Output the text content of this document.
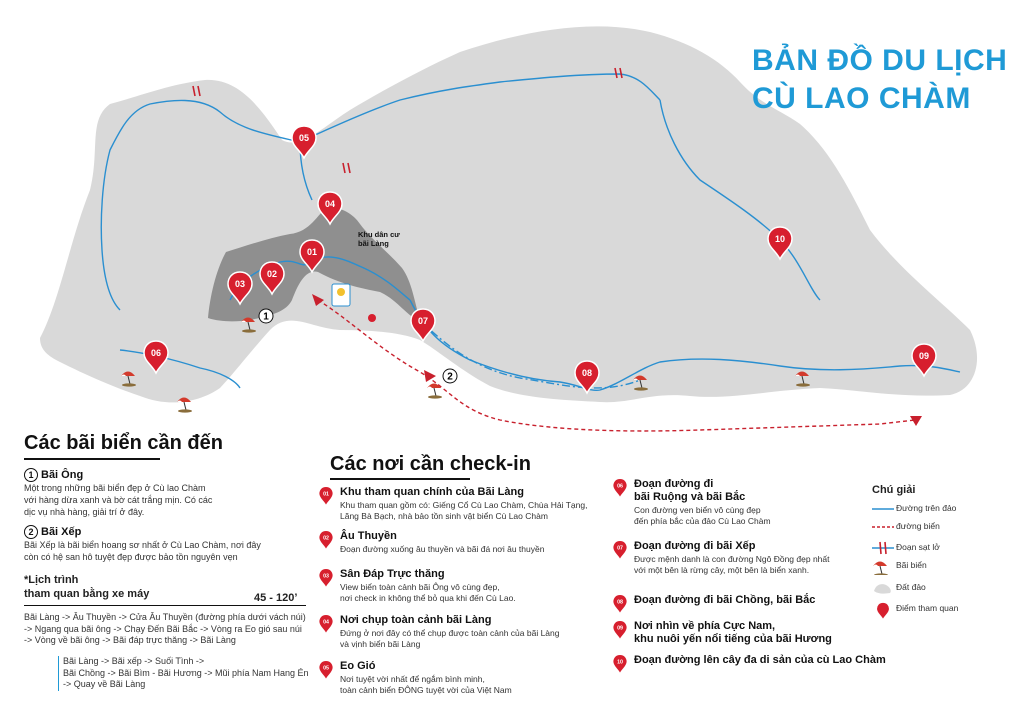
01
02
03
04
05
06
07
08
09
10
1
2
BẢN ĐỒ DU LỊCH
CÙ LAO CHÀM
Khu dân cư
bãi Làng
Các bãi biển cần đến
1 Bãi Ông
Một trong những bãi biển đẹp ở Cù lao Chàm
với hàng dừa xanh và bờ cát trắng mịn. Có các
dịc vụ nhà hàng, giải trí ở đây.
2 Bãi Xếp
Bãi Xếp là bãi biển hoang sơ nhất ở Cù Lao Chàm, nơi đây
còn có hệ san hô tuyệt đẹp được bảo tồn nguyên vẹn
*Lịch trình
tham quan bằng xe máy	45 - 120’
Bãi Làng -> Âu Thuyền -> Cửa Âu Thuyền (đường phía dưới vách núi)
-> Ngang qua bãi ông -> Chạy Đến Bãi Bắc -> Vòng ra Eo gió sau núi
-> Vòng về bãi ông -> Bãi đáp trực thăng -> Bãi Làng
Bãi Làng -> Bãi xếp -> Suối Tình ->
Bãi Chồng -> Bãi Bìm - Bãi Hương -> Mũi phía Nam Hang Én
-> Quay về Bãi Làng
Các nơi cần check-in
01 Khu tham quan chính của Bãi Làng
Khu tham quan gồm có: Giếng Cổ Cù Lao Chàm, Chùa Hải Tạng,
Lăng Bà Bạch, nhà bảo tồn sinh vật biển Cù Lao Chàm
02 Âu Thuyền
Đoạn đường xuống âu thuyền và bãi đá nơi âu thuyền
03 Sân Đáp Trực thăng
View biển toàn cảnh bãi Ông vô cùng đẹp,
nơi check in không thể bỏ qua khi đến Cù Lao.
04 Nơi chụp toàn cảnh bãi Làng
Đứng ở nơi đây có thể chụp được toàn cảnh của bãi Làng
và vịnh biển bãi Làng
05 Eo Gió
Nơi tuyệt vời nhất để ngắm bình minh,
toàn cảnh biển ĐÔNG tuyệt vời của Việt Nam
06 Đoạn đường đi
bãi Ruộng và bãi Bắc
Con đường ven biển vô cùng đẹp
đến phía bắc của đảo Cù Lao Chàm
07 Đoạn đường đi bãi Xếp
Được mệnh danh là con đường Ngô Đồng đẹp nhất
với một bên là rừng cây, một bên là biển xanh.
08 Đoạn đường đi bãi Chồng, bãi Bắc
09 Nơi nhìn về phía Cực Nam,
khu nuôi yến nổi tiếng của bãi Hương
10 Đoạn đường lên cây đa di sản của cù Lao Chàm
Chú giải
Đường trên đảo
đường biển
Đoạn sạt lở
Bãi biển
Đất đảo
Điểm tham quan
